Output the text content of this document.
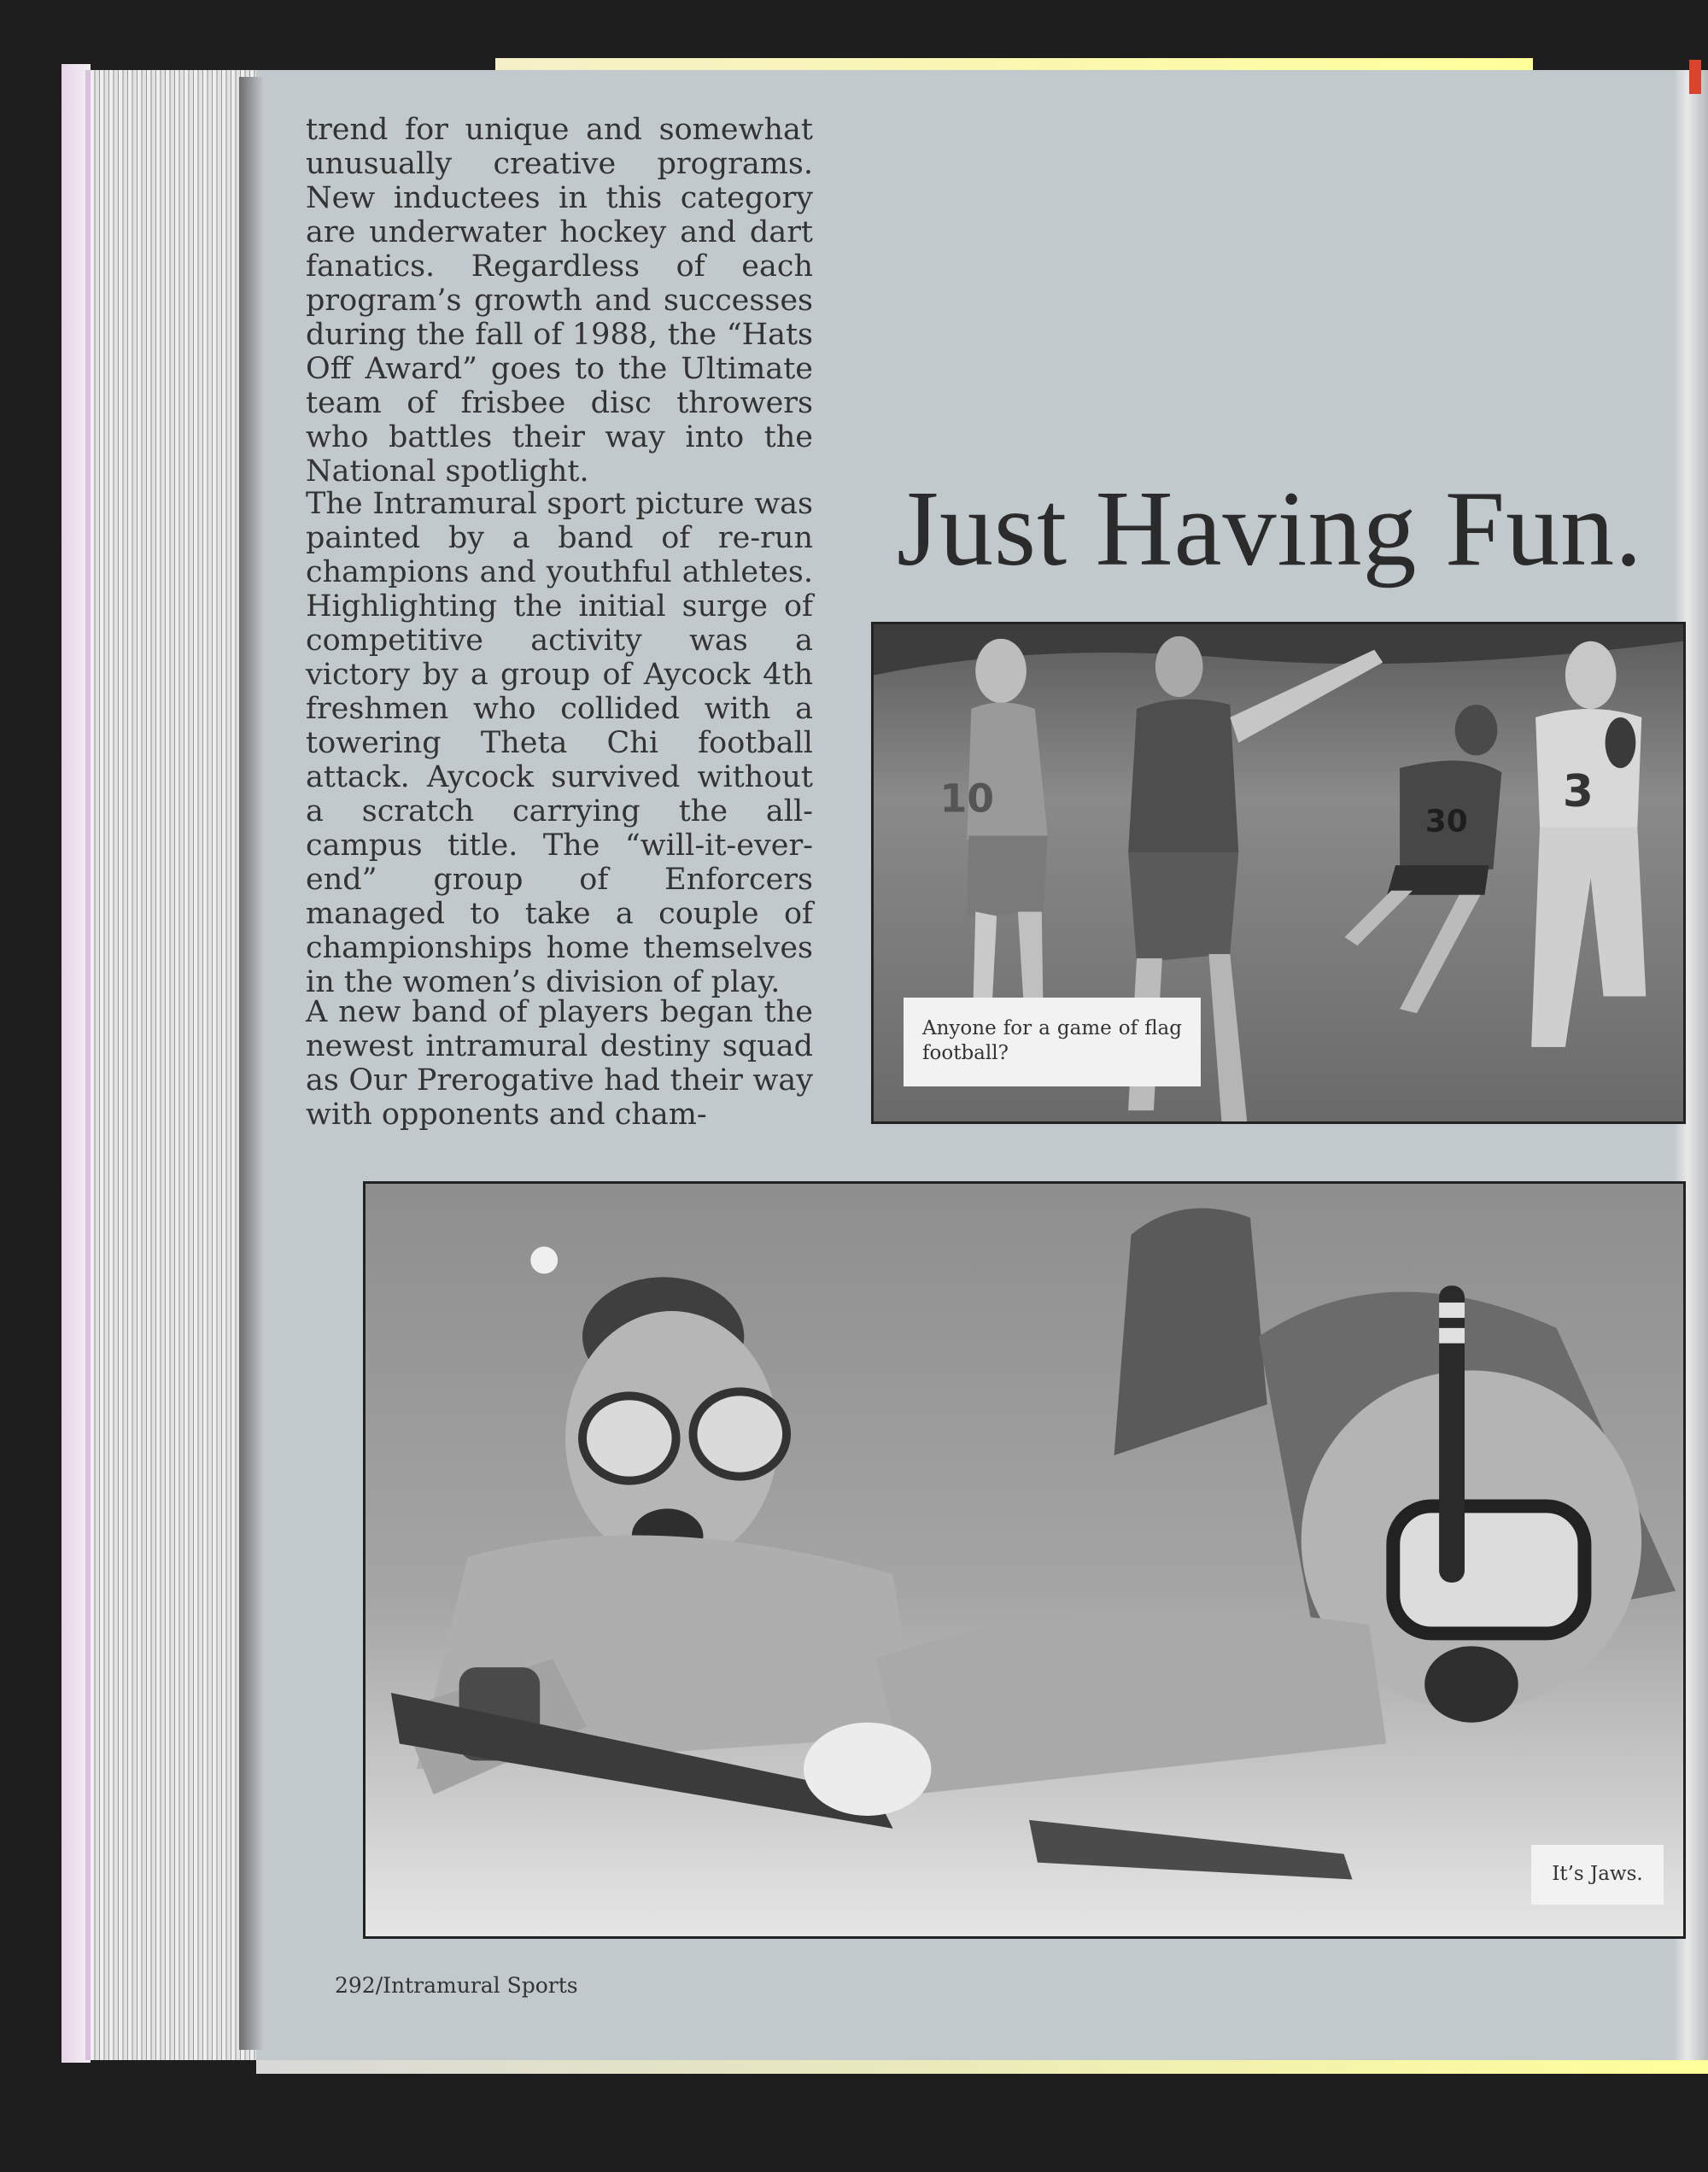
trend for unique and somewhat unusually creative programs. New inductees in this category are underwater hockey and dart fanatics. Regardless of each program’s growth and successes during the fall of 1988, the “Hats Off Award” goes to the Ultimate team of frisbee disc throwers who battles their way into the National spotlight.

The Intramural sport picture was painted by a band of re-run champions and youthful athletes. Highlighting the initial surge of competitive activity was a victory by a group of Aycock 4th freshmen who collided with a towering Theta Chi football attack. Aycock survived without a scratch carrying the all-campus title. The “will-it-ever-end” group of Enforcers managed to take a couple of championships home themselves in the women’s division of play.

A new band of players began the newest intramural destiny squad as Our Prerogative had their way with opponents and cham-

Just Having Fun.
10	3
30
Anyone for a game of flag football?
It’s Jaws.

292/Intramural Sports
